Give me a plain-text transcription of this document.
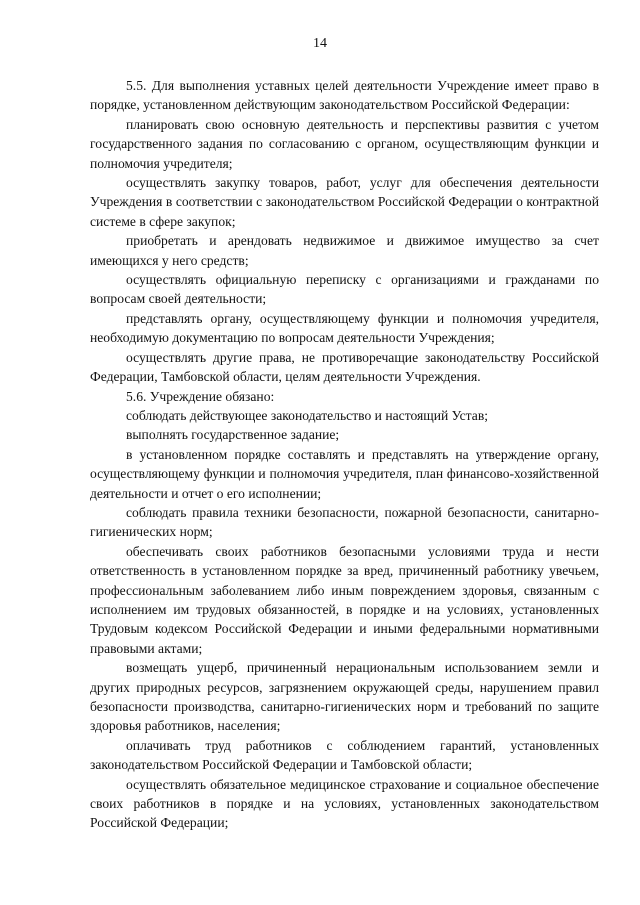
14

5.5. Для выполнения уставных целей деятельности Учреждение имеет право в порядке, установленном действующим законодательством Российской Федерации:

планировать свою основную деятельность и перспективы развития с учетом государственного задания по согласованию с органом, осуществляющим функции и полномочия учредителя;

осуществлять закупку товаров, работ, услуг для обеспечения деятельности Учреждения в соответствии с законодательством Российской Федерации о контрактной системе в сфере закупок;

приобретать и арендовать недвижимое и движимое имущество за счет имеющихся у него средств;

осуществлять официальную переписку с организациями и гражданами по вопросам своей деятельности;

представлять органу, осуществляющему функции и полномочия учредителя, необходимую документацию по вопросам деятельности Учреждения;

осуществлять другие права, не противоречащие законодательству Российской Федерации, Тамбовской области, целям деятельности Учреждения.

5.6. Учреждение обязано:

соблюдать действующее законодательство и настоящий Устав;

выполнять государственное задание;

в установленном порядке составлять и представлять на утверждение органу, осуществляющему функции и полномочия учредителя, план финансово-хозяйственной деятельности и отчет о его исполнении;

соблюдать правила техники безопасности, пожарной безопасности, санитарно-гигиенических норм;

обеспечивать своих работников безопасными условиями труда и нести ответственность в установленном порядке за вред, причиненный работнику увечьем, профессиональным заболеванием либо иным повреждением здоровья, связанным с исполнением им трудовых обязанностей, в порядке и на условиях, установленных Трудовым кодексом Российской Федерации и иными федеральными нормативными правовыми актами;

возмещать ущерб, причиненный нерациональным использованием земли и других природных ресурсов, загрязнением окружающей среды, нарушением правил безопасности производства, санитарно-гигиенических норм и требований по защите здоровья работников, населения;

оплачивать труд работников с соблюдением гарантий, установленных законодательством Российской Федерации и Тамбовской области;

осуществлять обязательное медицинское страхование и социальное обеспечение своих работников в порядке и на условиях, установленных законодательством Российской Федерации;
